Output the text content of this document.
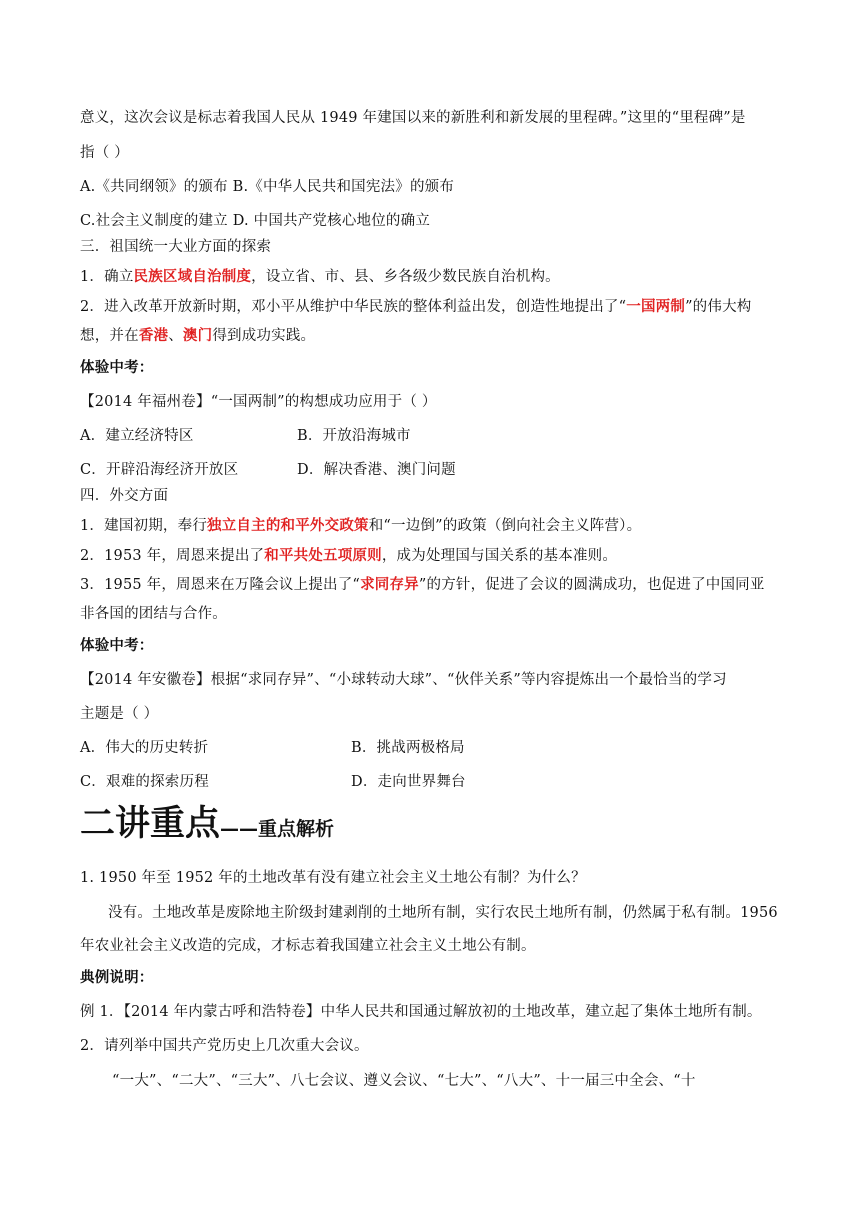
意义，这次会议是标志着我国人民从 1949 年建国以来的新胜利和新发展的里程碑。”这里的“里程碑”是
指（ ）
A.《共同纲领》的颁布 B.《中华人民共和国宪法》的颁布
C.社会主义制度的建立 D. 中国共产党核心地位的确立
三．祖国统一大业方面的探索
1．确立民族区域自治制度，设立省、市、县、乡各级少数民族自治机构。
2．进入改革开放新时期，邓小平从维护中华民族的整体利益出发，创造性地提出了“一国两制”的伟大构
想，并在香港、澳门得到成功实践。
体验中考：
【2014 年福州卷】“一国两制”的构想成功应用于（ ）
A．建立经济特区	B．开放沿海城市
C．开辟沿海经济开放区	D．解决香港、澳门问题
四．外交方面
1．建国初期，奉行独立自主的和平外交政策和“一边倒”的政策（倒向社会主义阵营）。
2．1953 年，周恩来提出了和平共处五项原则，成为处理国与国关系的基本准则。
3．1955 年，周恩来在万隆会议上提出了“求同存异”的方针，促进了会议的圆满成功，也促进了中国同亚
非各国的团结与合作。
体验中考：
【2014 年安徽卷】根据“求同存异”、“小球转动大球”、“伙伴关系”等内容提炼出一个最恰当的学习
主题是（ ）
A．伟大的历史转折	B．挑战两极格局
C．艰难的探索历程	D．走向世界舞台
二讲重点——重点解析
1. 1950 年至 1952 年的土地改革有没有建立社会主义土地公有制？为什么？
没有。土地改革是废除地主阶级封建剥削的土地所有制，实行农民土地所有制，仍然属于私有制。1956
年农业社会主义改造的完成，才标志着我国建立社会主义土地公有制。
典例说明：
例 1．【2014 年内蒙古呼和浩特卷】中华人民共和国通过解放初的土地改革，建立起了集体土地所有制。
2．请列举中国共产党历史上几次重大会议。
“一大”、“二大”、“三大”、八七会议、遵义会议、“七大”、“八大”、十一届三中全会、“十
